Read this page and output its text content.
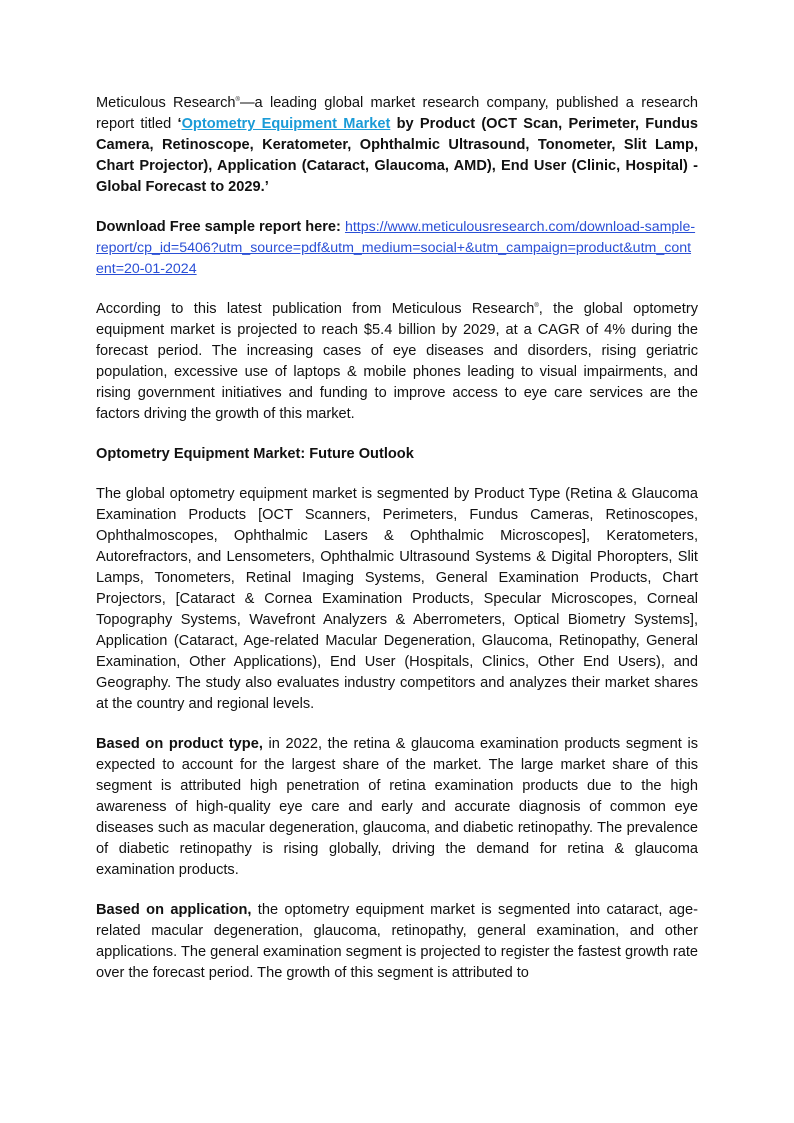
Meticulous Research®—a leading global market research company, published a research report titled ‘Optometry Equipment Market by Product (OCT Scan, Perimeter, Fundus Camera, Retinoscope, Keratometer, Ophthalmic Ultrasound, Tonometer, Slit Lamp, Chart Projector), Application (Cataract, Glaucoma, AMD), End User (Clinic, Hospital) - Global Forecast to 2029.’

Download Free sample report here: https://www.meticulousresearch.com/download-sample-report/cp_id=5406?utm_source=pdf&utm_medium=social+&utm_campaign=product&utm_content=20-01-2024

According to this latest publication from Meticulous Research®, the global optometry equipment market is projected to reach $5.4 billion by 2029, at a CAGR of 4% during the forecast period. The increasing cases of eye diseases and disorders, rising geriatric population, excessive use of laptops & mobile phones leading to visual impairments, and rising government initiatives and funding to improve access to eye care services are the factors driving the growth of this market.

Optometry Equipment Market: Future Outlook

The global optometry equipment market is segmented by Product Type (Retina & Glaucoma Examination Products [OCT Scanners, Perimeters, Fundus Cameras, Retinoscopes, Ophthalmoscopes, Ophthalmic Lasers & Ophthalmic Microscopes], Keratometers, Autorefractors, and Lensometers, Ophthalmic Ultrasound Systems & Digital Phoropters, Slit Lamps, Tonometers, Retinal Imaging Systems, General Examination Products, Chart Projectors, [Cataract & Cornea Examination Products, Specular Microscopes, Corneal Topography Systems, Wavefront Analyzers & Aberrometers, Optical Biometry Systems], Application (Cataract, Age-related Macular Degeneration, Glaucoma, Retinopathy, General Examination, Other Applications), End User (Hospitals, Clinics, Other End Users), and Geography. The study also evaluates industry competitors and analyzes their market shares at the country and regional levels.

Based on product type, in 2022, the retina & glaucoma examination products segment is expected to account for the largest share of the market. The large market share of this segment is attributed high penetration of retina examination products due to the high awareness of high-quality eye care and early and accurate diagnosis of common eye diseases such as macular degeneration, glaucoma, and diabetic retinopathy. The prevalence of diabetic retinopathy is rising globally, driving the demand for retina & glaucoma examination products.

Based on application, the optometry equipment market is segmented into cataract, age-related macular degeneration, glaucoma, retinopathy, general examination, and other applications. The general examination segment is projected to register the fastest growth rate over the forecast period. The growth of this segment is attributed to
